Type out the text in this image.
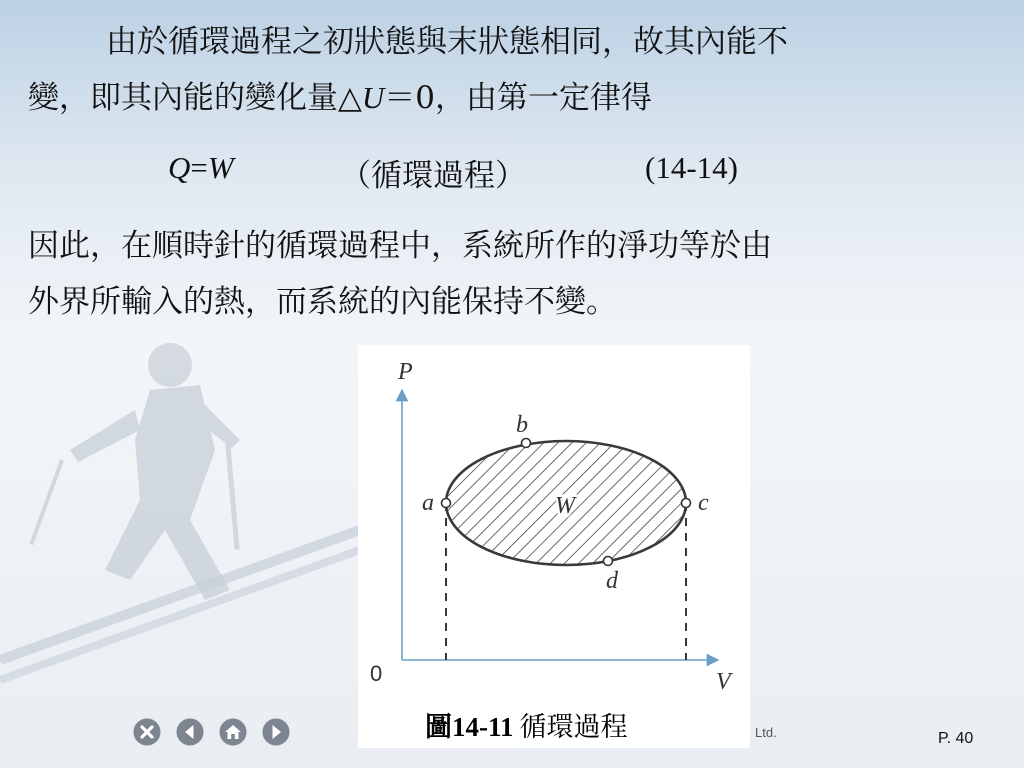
由於循環過程之初狀態與末狀態相同，故其內能不
變，即其內能的變化量△U＝0，由第一定律得
Q=W	（循環過程）	(14-14)
因此，在順時針的循環過程中，系統所作的淨功等於由
外界所輸入的熱，而系統的內能保持不變。
P
V
0
W
a
b
c
d
圖14-11 循環過程	Ltd.	P. 40
